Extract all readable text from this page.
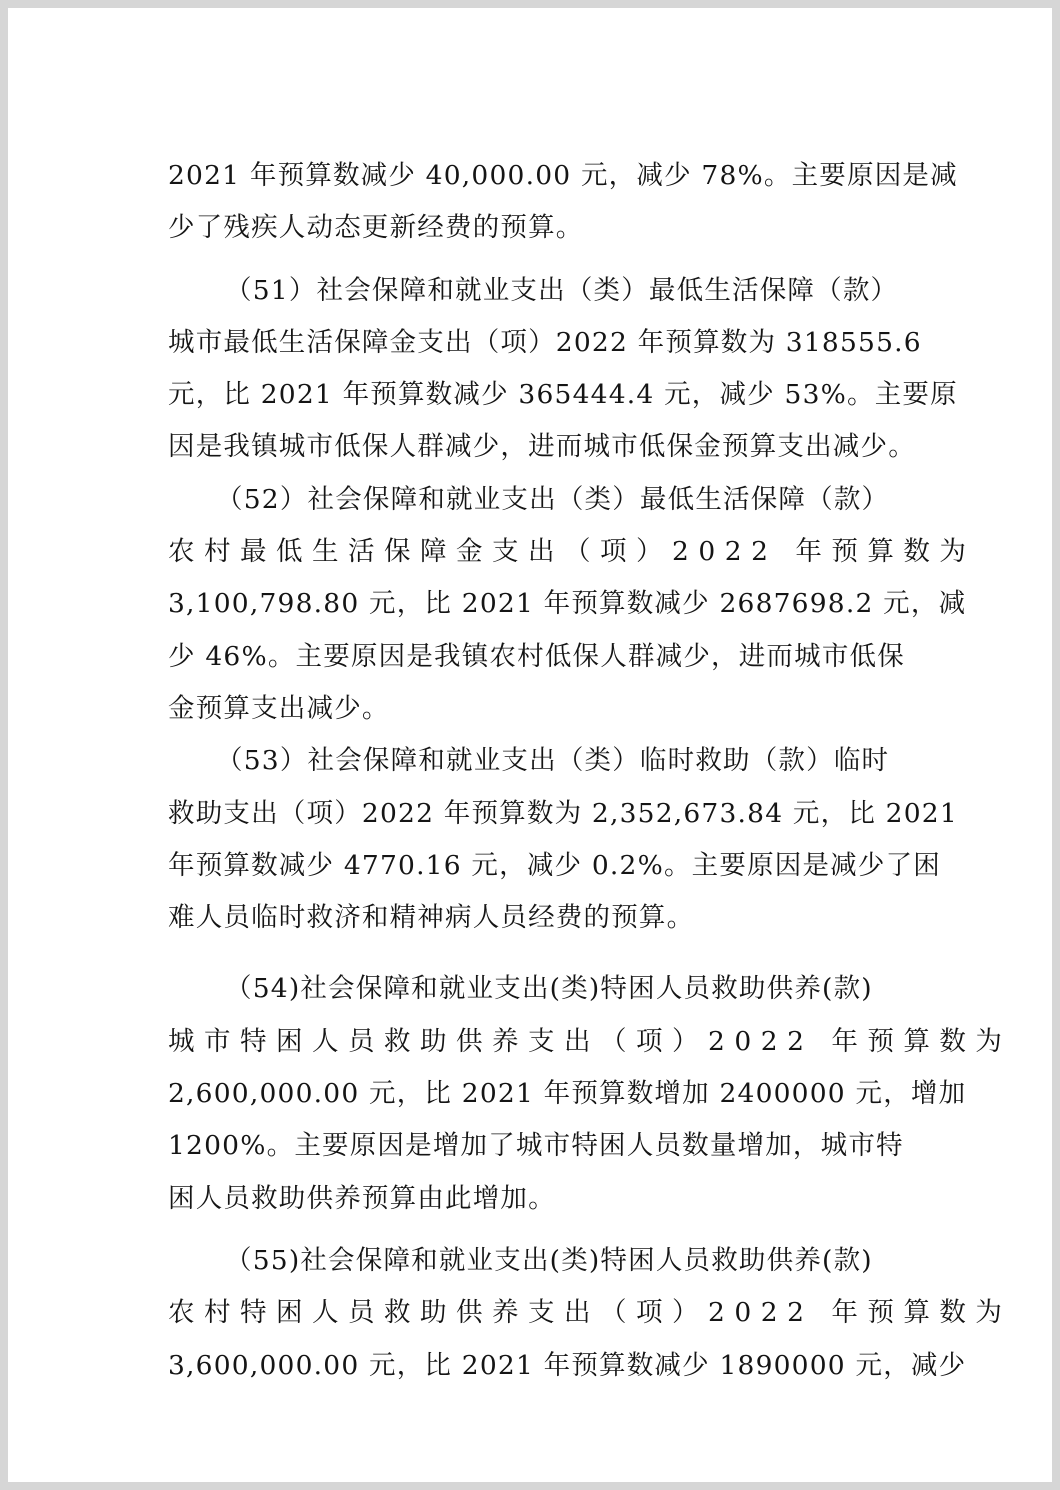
2021 年预算数减少 40,000.00 元，减少 78%。主要原因是减
少了残疾人动态更新经费的预算。
（51）社会保障和就业支出（类）最低生活保障（款）
城市最低生活保障金支出（项）2022 年预算数为 318555.6
元，比 2021 年预算数减少 365444.4 元，减少 53%。主要原
因是我镇城市低保人群减少，进而城市低保金预算支出减少。
（52）社会保障和就业支出（类）最低生活保障（款）
农村最低生活保障金支出（项）2022 年预算数为
3,100,798.80 元，比 2021 年预算数减少 2687698.2 元，减
少 46%。主要原因是我镇农村低保人群减少，进而城市低保
金预算支出减少。
（53）社会保障和就业支出（类）临时救助（款）临时
救助支出（项）2022 年预算数为 2,352,673.84 元，比 2021
年预算数减少 4770.16 元，减少 0.2%。主要原因是减少了困
难人员临时救济和精神病人员经费的预算。
（54)社会保障和就业支出(类)特困人员救助供养(款)
城市特困人员救助供养支出（项）2022 年预算数为
2,600,000.00 元，比 2021 年预算数增加 2400000 元，增加
1200%。主要原因是增加了城市特困人员数量增加，城市特
困人员救助供养预算由此增加。
（55)社会保障和就业支出(类)特困人员救助供养(款)
农村特困人员救助供养支出（项）2022 年预算数为
3,600,000.00 元，比 2021 年预算数减少 1890000 元，减少
